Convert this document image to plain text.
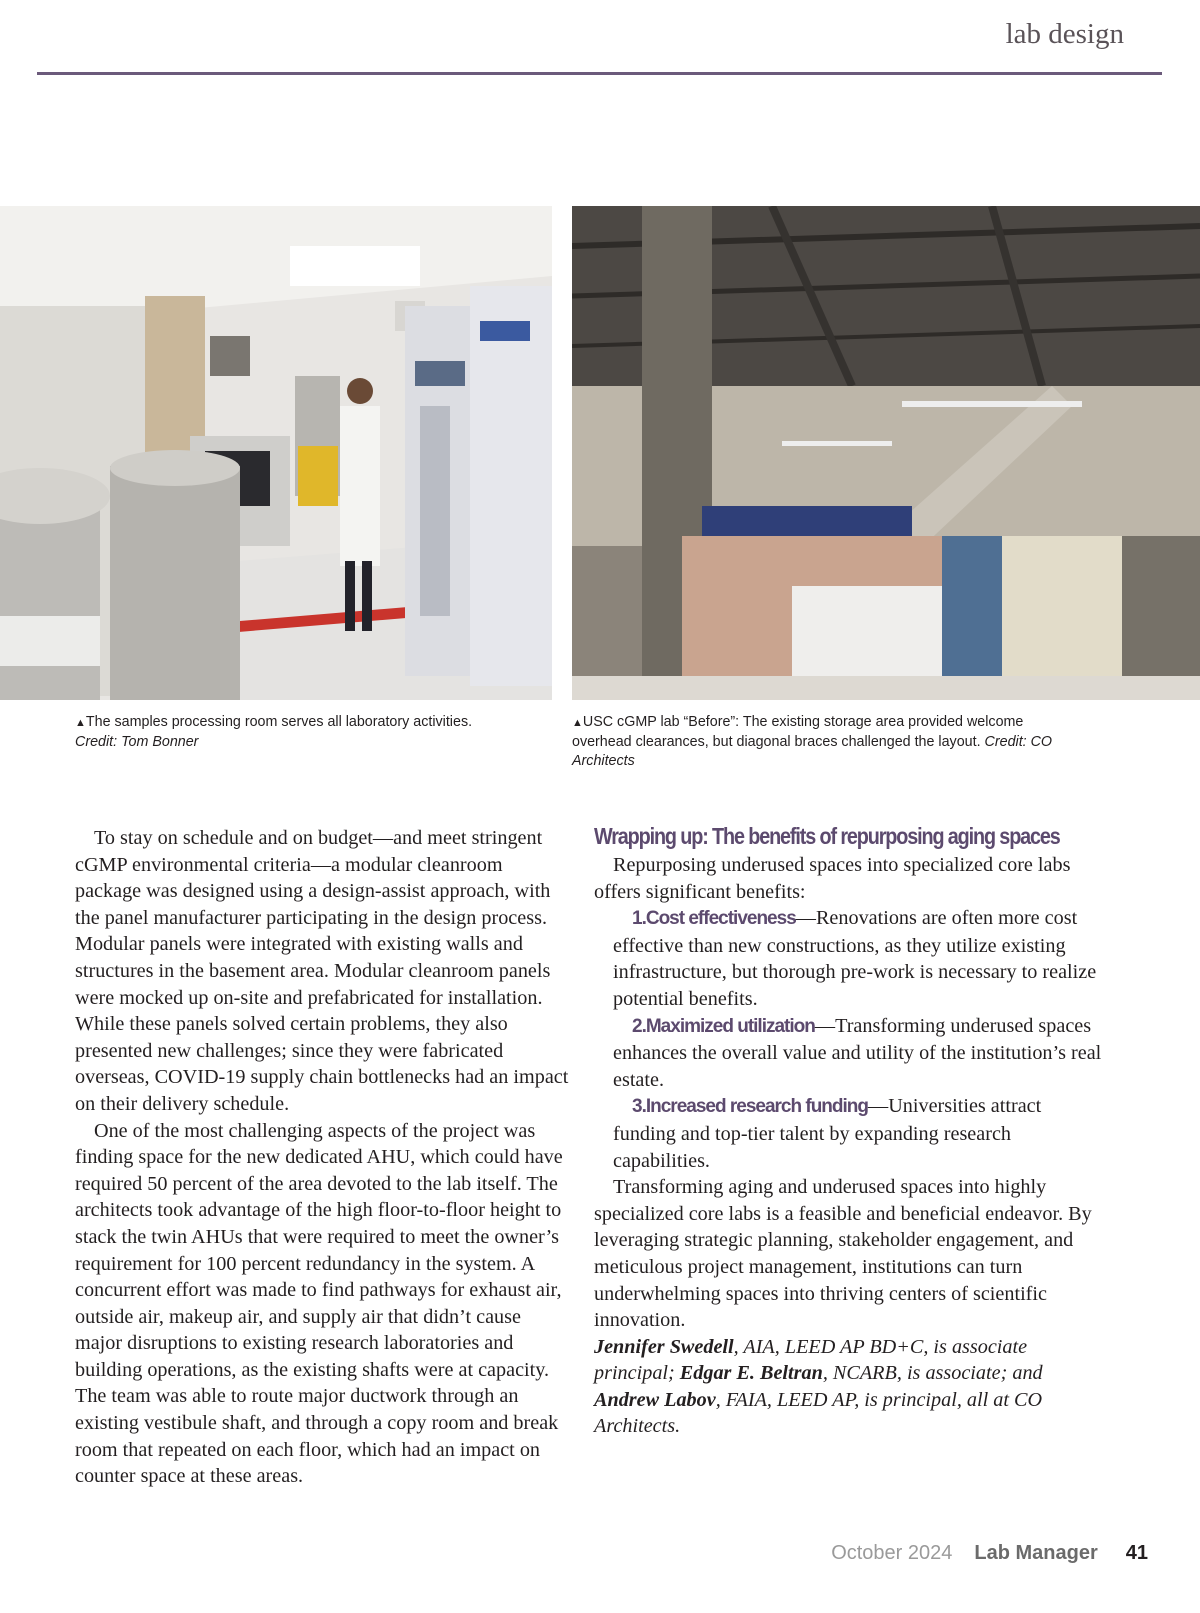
lab design
▲The samples processing room serves all laboratory activities.
Credit: Tom Bonner
▲USC cGMP lab “Before”: The existing storage area provided welcome overhead clearances, but diagonal braces challenged the layout. Credit: CO Architects

To stay on schedule and on budget—and meet stringent cGMP environmental criteria—a modular cleanroom package was designed using a design-assist approach, with the panel manufacturer participating in the design process. Modular panels were integrated with existing walls and structures in the basement area. Modular cleanroom panels were mocked up on-site and prefabricated for installation. While these panels solved certain problems, they also presented new challenges; since they were fabricated overseas, COVID-19 supply chain bottlenecks had an impact on their delivery schedule.

One of the most challenging aspects of the project was finding space for the new dedicated AHU, which could have required 50 percent of the area devoted to the lab itself. The architects took advantage of the high floor-to-floor height to stack the twin AHUs that were required to meet the owner’s requirement for 100 percent redundancy in the system. A concurrent effort was made to find pathways for exhaust air, outside air, makeup air, and supply air that didn’t cause major disruptions to existing research laboratories and building operations, as the existing shafts were at capacity. The team was able to route major ductwork through an existing vestibule shaft, and through a copy room and break room that repeated on each floor, which had an impact on counter space at these areas.

Wrapping up: The benefits of repurposing aging spaces

Repurposing underused spaces into specialized core labs offers significant benefits:

1.Cost effectiveness—Renovations are often more cost effective than new constructions, as they utilize existing infrastructure, but thorough pre-work is necessary to realize potential benefits.

2.Maximized utilization—Transforming underused spaces enhances the overall value and utility of the institution’s real estate.

3.Increased research funding—Universities attract funding and top-tier talent by expanding research capabilities.

Transforming aging and underused spaces into highly specialized core labs is a feasible and beneficial endeavor. By leveraging strategic planning, stakeholder engagement, and meticulous project management, institutions can turn underwhelming spaces into thriving centers of scientific innovation.

Jennifer Swedell, AIA, LEED AP BD+C, is associate principal; Edgar E. Beltran, NCARB, is associate; and Andrew Labov, FAIA, LEED AP, is principal, all at CO Architects.

October 2024 Lab Manager 41
